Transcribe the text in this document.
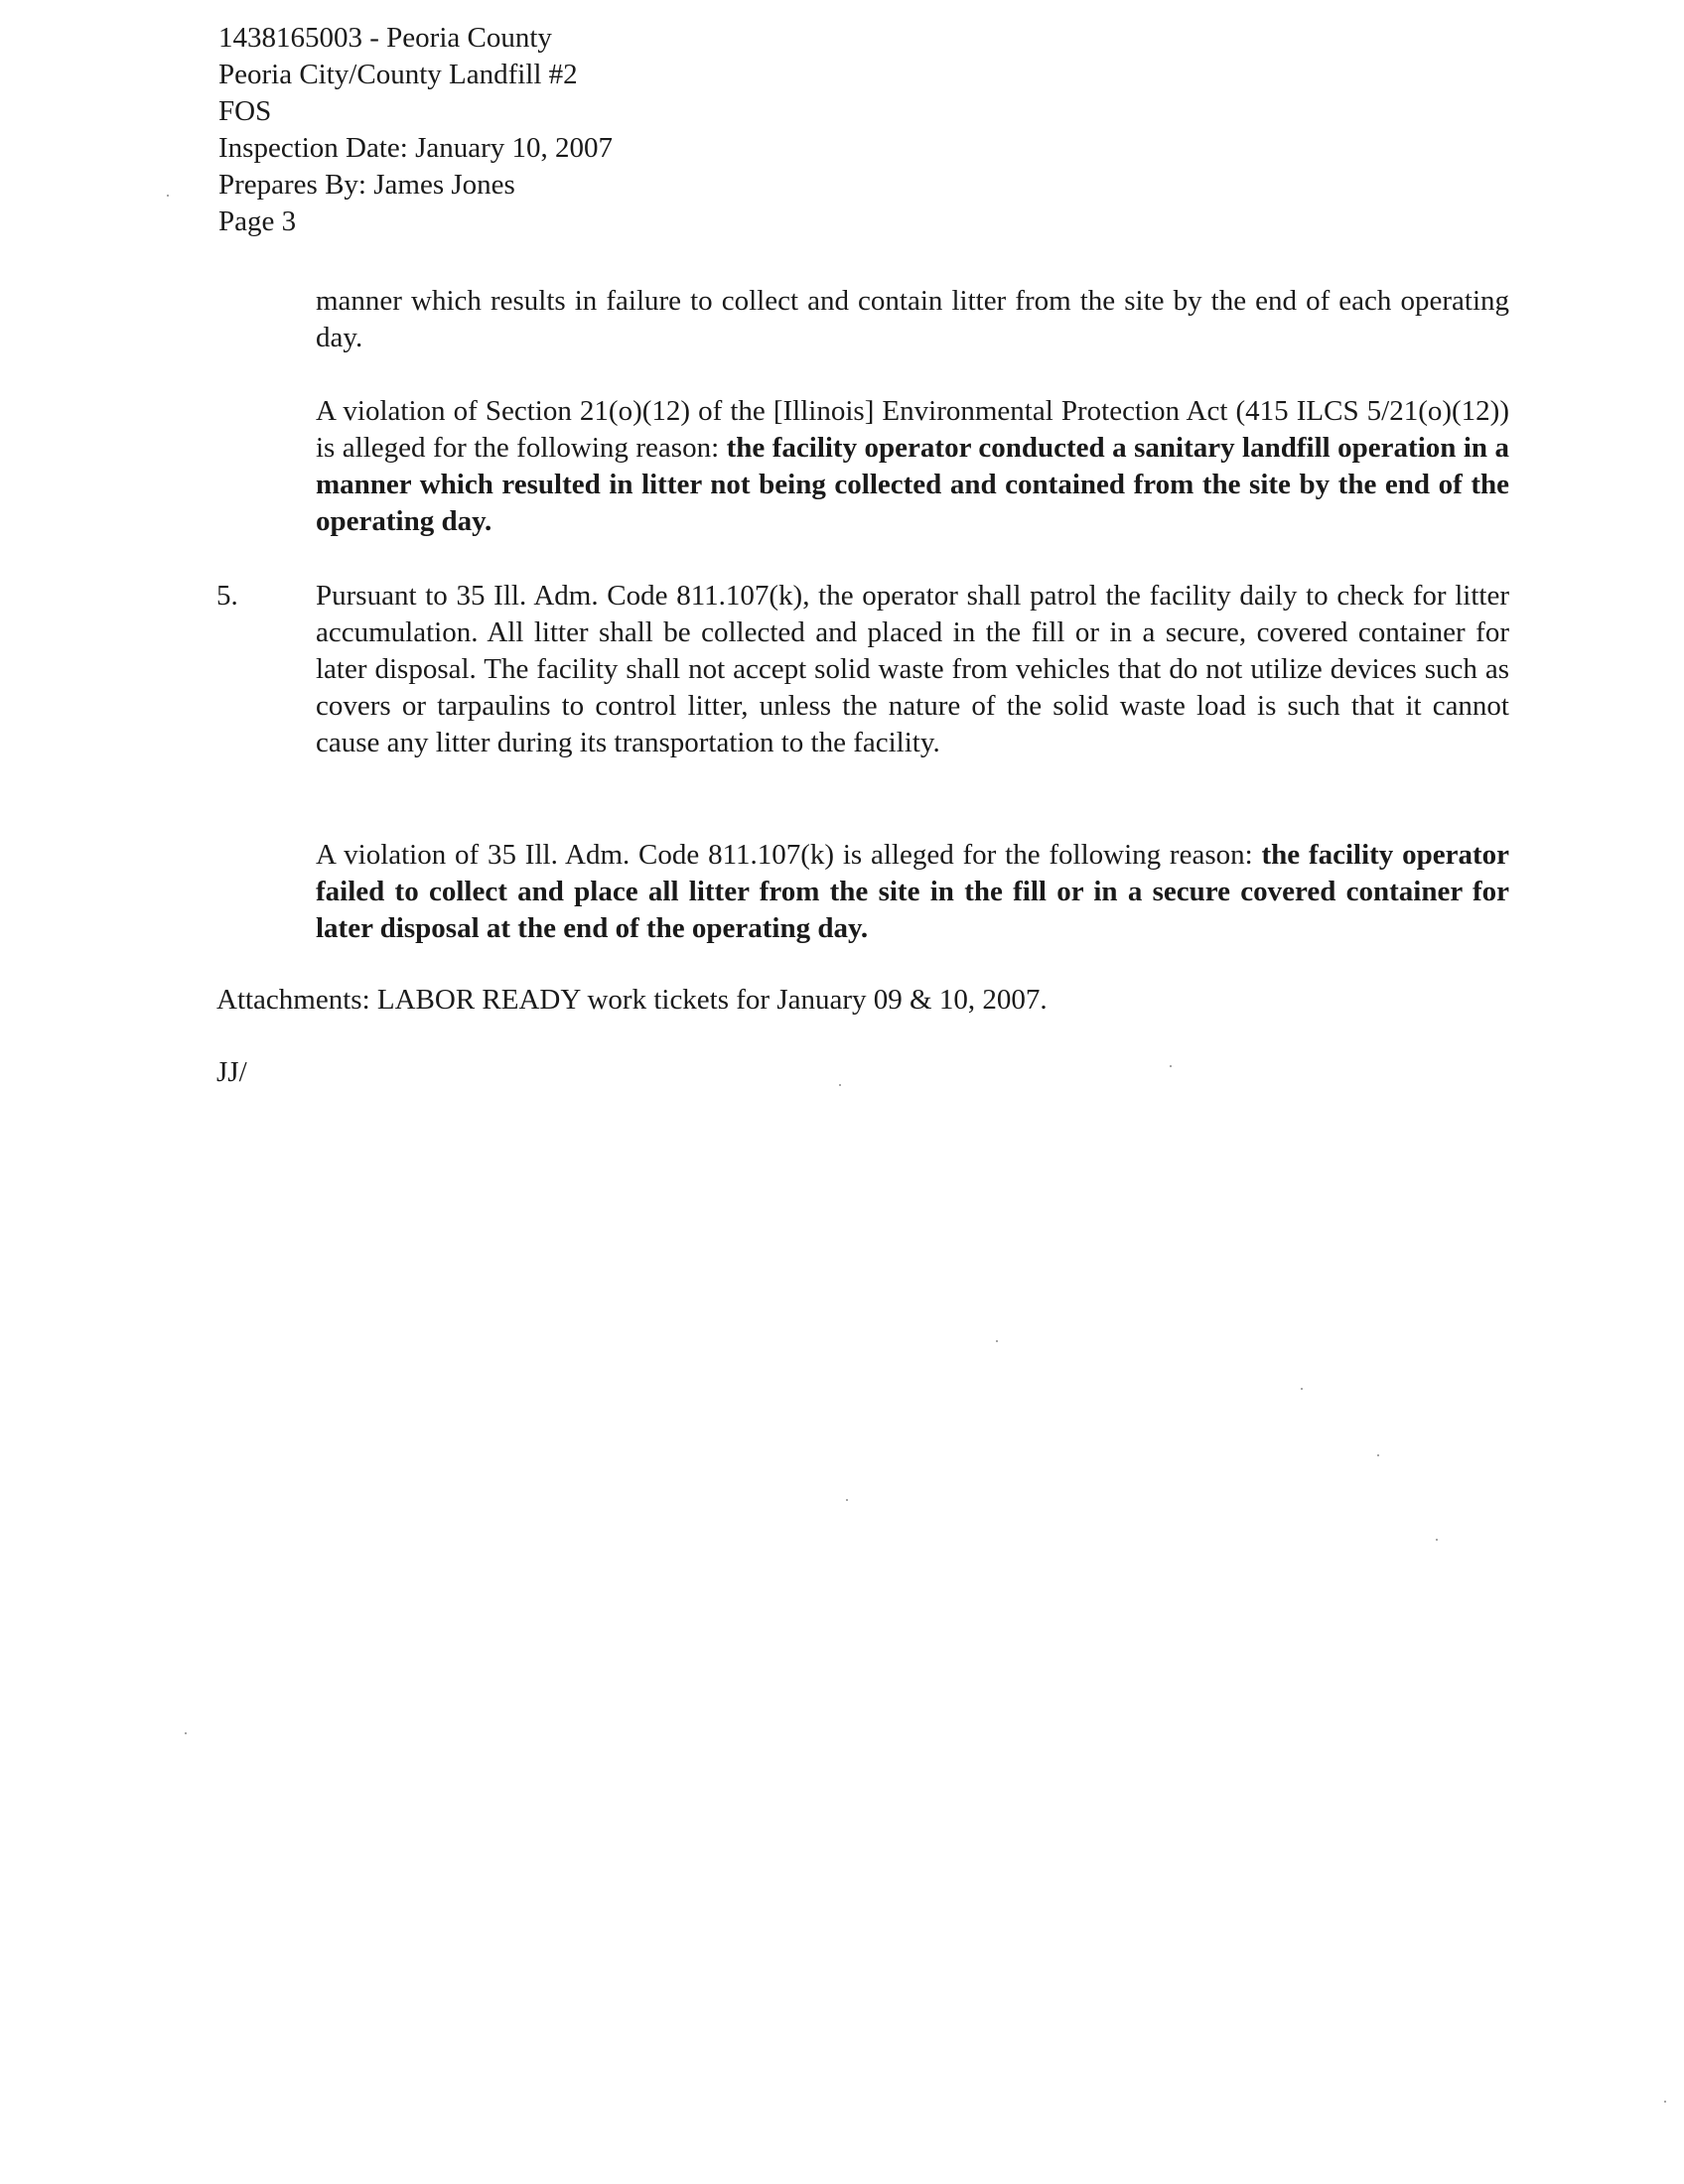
1438165003 - Peoria County
Peoria City/County Landfill #2
FOS
Inspection Date: January 10, 2007
Prepares By: James Jones
Page 3
manner which results in failure to collect and contain litter from the site by the end of each operating day.
A violation of Section 21(o)(12) of the [Illinois] Environmental Protection Act (415 ILCS 5/21(o)(12)) is alleged for the following reason: the facility operator conducted a sanitary landfill operation in a manner which resulted in litter not being collected and contained from the site by the end of the operating day.
5.	Pursuant to 35 Ill. Adm. Code 811.107(k), the operator shall patrol the facility daily to check for litter accumulation. All litter shall be collected and placed in the fill or in a secure, covered container for later disposal. The facility shall not accept solid waste from vehicles that do not utilize devices such as covers or tarpaulins to control litter, unless the nature of the solid waste load is such that it cannot cause any litter during its transportation to the facility.
A violation of 35 Ill. Adm. Code 811.107(k) is alleged for the following reason: the facility operator failed to collect and place all litter from the site in the fill or in a secure covered container for later disposal at the end of the operating day.
Attachments: LABOR READY work tickets for January 09 & 10, 2007.
JJ/
